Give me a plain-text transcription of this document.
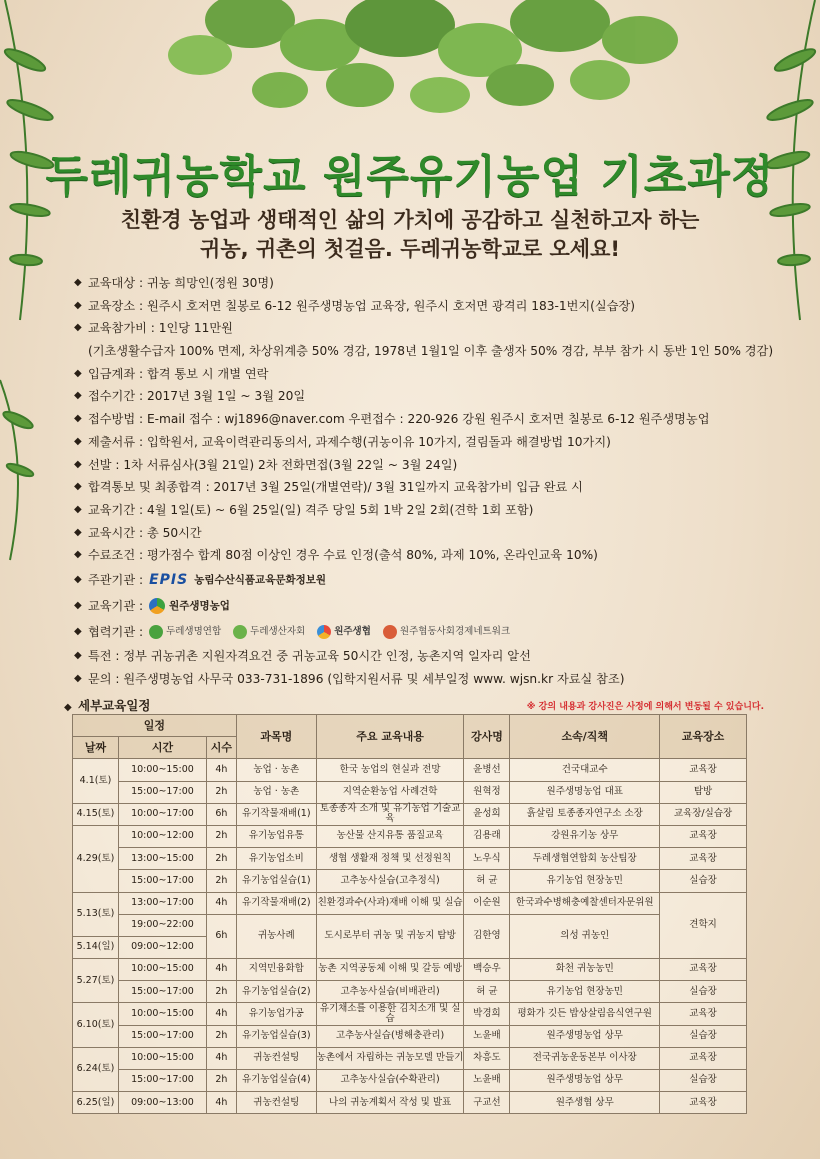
두레귀농학교 원주유기농업 기초과정
친환경 농업과 생태적인 삶의 가치에 공감하고 실천하고자 하는
귀농, 귀촌의 첫걸음. 두레귀농학교로 오세요!
◆ 교육대상 : 귀농 희망인(정원 30명)
◆ 교육장소 : 원주시 호저면 칠봉로 6-12 원주생명농업 교육장, 원주시 호저면 광격리 183-1번지(실습장)
◆ 교육참가비 : 1인당 11만원
(기초생활수급자 100% 면제, 차상위계층 50% 경감, 1978년 1월1일 이후 출생자 50% 경감, 부부 참가 시 동반 1인 50% 경감)
◆ 입금계좌 : 합격 통보 시 개별 연락
◆ 접수기간 : 2017년 3월 1일 ~ 3월 20일
◆ 접수방법 : E-mail 접수 : wj1896@naver.com 우편접수 : 220-926 강원 원주시 호저면 칠봉로 6-12 원주생명농업
◆ 제출서류 : 입학원서, 교육이력관리동의서, 과제수행(귀농이유 10가지, 걸림돌과 해결방법 10가지)
◆ 선발 : 1차 서류심사(3월 21일) 2차 전화면접(3월 22일 ~ 3월 24일)
◆ 합격통보 및 최종합격 : 2017년 3월 25일(개별연락)/ 3월 31일까지 교육참가비 입금 완료 시
◆ 교육기간 : 4월 1일(토) ~ 6월 25일(일) 격주 당일 5회 1박 2일 2회(견학 1회 포함)
◆ 교육시간 : 총 50시간
◆ 수료조건 : 평가점수 합계 80점 이상인 경우 수료 인정(출석 80%, 과제 10%, 온라인교육 10%)
◆ 주관기관 : EPIS 농림수산식품교육문화정보원
◆ 교육기관 : 원주생명농업
◆ 협력기관 : 두레생명연합	두레생산자회	원주생협	원주협동사회경제네트워크
◆ 특전 : 정부 귀농귀촌 지원자격요건 중 귀농교육 50시간 인정, 농촌지역 일자리 알선
◆ 문의 : 원주생명농업 사무국 033-731-1896 (입학지원서류 및 세부일정 www. wjsn.kr 자료실 참조)
◆ 세부교육일정	※ 강의 내용과 강사진은 사정에 의해서 변동될 수 있습니다.
일정			과목명	주요 교육내용	강사명	소속/직책	교육장소
날짜	시간	시수					
4.1(토)	10:00~15:00	4h	농업 · 농촌	한국 농업의 현실과 전망	윤병선	건국대교수	교육장
	15:00~17:00	2h	농업 · 농촌	지역순환농업 사례견학	원혁정	원주생명농업 대표	탐방
4.15(토)	10:00~17:00	6h	유기작물재배(1)	토종종자 소개 및 유기농업 기술교육	윤성희	흙살림 토종종자연구소 소장	교육장/실습장
4.29(토)	10:00~12:00	2h	유기농업유통	농산물 산지유통 품질교육	김용래	강원유기농 상무	교육장
	13:00~15:00	2h	유기농업소비	생협 생활재 정책 및 선정원칙	노우식	두레생협연합회 농산팀장	교육장
	15:00~17:00	2h	유기농업실습(1)	고추농사실습(고추정식)	허 균	유기농업 현장농민	실습장
5.13(토)	13:00~17:00	4h	유기작물재배(2)	친환경과수(사과)재배 이해 및 실습	이순원	한국과수병해충예찰센터자문위원	견학지
	19:00~22:00	6h	귀농사례	도시로부터 귀농 및 귀농지 탐방	김한영	의성 귀농인	
5.14(일)	09:00~12:00						
5.27(토)	10:00~15:00	4h	지역민융화합	농촌 지역공동체 이해 및 갈등 예방	백승우	화천 귀농농민	교육장
	15:00~17:00	2h	유기농업실습(2)	고추농사실습(비배관리)	허 균	유기농업 현장농민	실습장
6.10(토)	10:00~15:00	4h	유기농업가공	유기채소를 이용한 김치소개 및 실습	박경희	평화가 깃든 밥상살림음식연구원	교육장
	15:00~17:00	2h	유기농업실습(3)	고추농사실습(병해충관리)	노윤배	원주생명농업 상무	실습장
6.24(토)	10:00~15:00	4h	귀농컨설팅	농촌에서 자립하는 귀농모델 만들기	차흥도	전국귀농운동본부 이사장	교육장
	15:00~17:00	2h	유기농업실습(4)	고추농사실습(수확관리)	노윤배	원주생명농업 상무	실습장
6.25(일)	09:00~13:00	4h	귀농컨설팅	나의 귀농계획서 작성 및 발표	구교선	원주생협 상무	교육장
